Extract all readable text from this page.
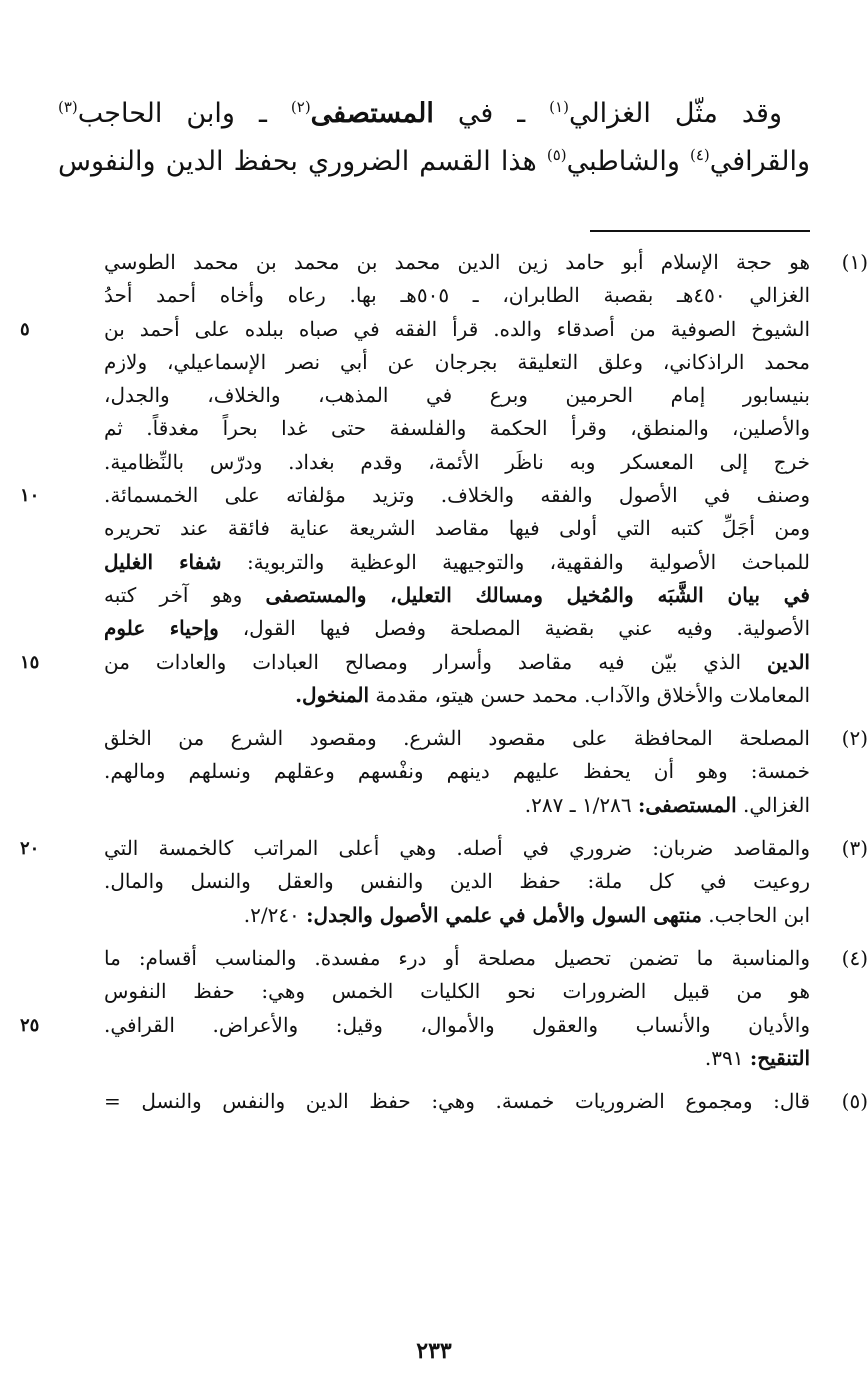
وقد مثّل الغزالي$^{(١)}$ ـ في المستصفى$^{(٢)}$ ـ وابن الحاجب$^{(٣)}$
والقرافي$^{(٤)}$ والشاطبي$^{(٥)}$ هذا القسم الضروري بحفظ الدين والنفوس
(١)
هو حجة الإسلام أبو حامد زين الدين محمد بن محمد بن محمد الطوسي
الغزالي ٤٥٠هـ بقصبة الطابران، ـ ٥٠٥هـ بها. رعاه وأخاه أحمد أحدُ
الشيوخ الصوفية من أصدقاء والده. قرأ الفقه في صباه ببلده على أحمد بن
٥
محمد الراذكاني، وعلق التعليقة بجرجان عن أبي نصر الإسماعيلي، ولازم
بنيسابور إمام الحرمين وبرع في المذهب، والخلاف، والجدل،
والأصلين، والمنطق، وقرأ الحكمة والفلسفة حتى غدا بحراً مغدقاً. ثم
خرج إلى المعسكر وبه ناظَر الأئمة، وقدم بغداد. ودرّس بالنِّظامية.
وصنف في الأصول والفقه والخلاف. وتزيد مؤلفاته على الخمسمائة.
١٠
ومن أجَلِّ كتبه التي أولى فيها مقاصد الشريعة عناية فائقة عند تحريره
للمباحث الأصولية والفقهية، والتوجيهية الوعظية والتربوية: شفاء الغليل
في بيان الشَّبَه والمُخيل ومسالك التعليل، والمستصفى وهو آخر كتبه
الأصولية. وفيه عني بقضية المصلحة وفصل فيها القول، وإحياء علوم
الدين الذي بيّن فيه مقاصد وأسرار ومصالح العبادات والعادات من
١٥
المعاملات والأخلاق والآداب. محمد حسن هيتو، مقدمة المنخول.
(٢)
المصلحة المحافظة على مقصود الشرع. ومقصود الشرع من الخلق
خمسة: وهو أن يحفظ عليهم دينهم ونفْسهم وعقلهم ونسلهم ومالهم.
الغزالي. المستصفى: ١/٢٨٦ ـ ٢٨٧.
(٣)
والمقاصد ضربان: ضروري في أصله. وهي أعلى المراتب كالخمسة التي
٢٠
روعيت في كل ملة: حفظ الدين والنفس والعقل والنسل والمال.
ابن الحاجب. منتهى السول والأمل في علمي الأصول والجدل: ٢/٢٤٠.
(٤)
والمناسبة ما تضمن تحصيل مصلحة أو درء مفسدة. والمناسب أقسام: ما
هو من قبيل الضرورات نحو الكليات الخمس وهي: حفظ النفوس
والأديان والأنساب والعقول والأموال، وقيل: والأعراض. القرافي.
٢٥
التنقيح: ٣٩١.
(٥)
قال: ومجموع الضروريات خمسة. وهي: حفظ الدين والنفس والنسل =
٢٣٣
